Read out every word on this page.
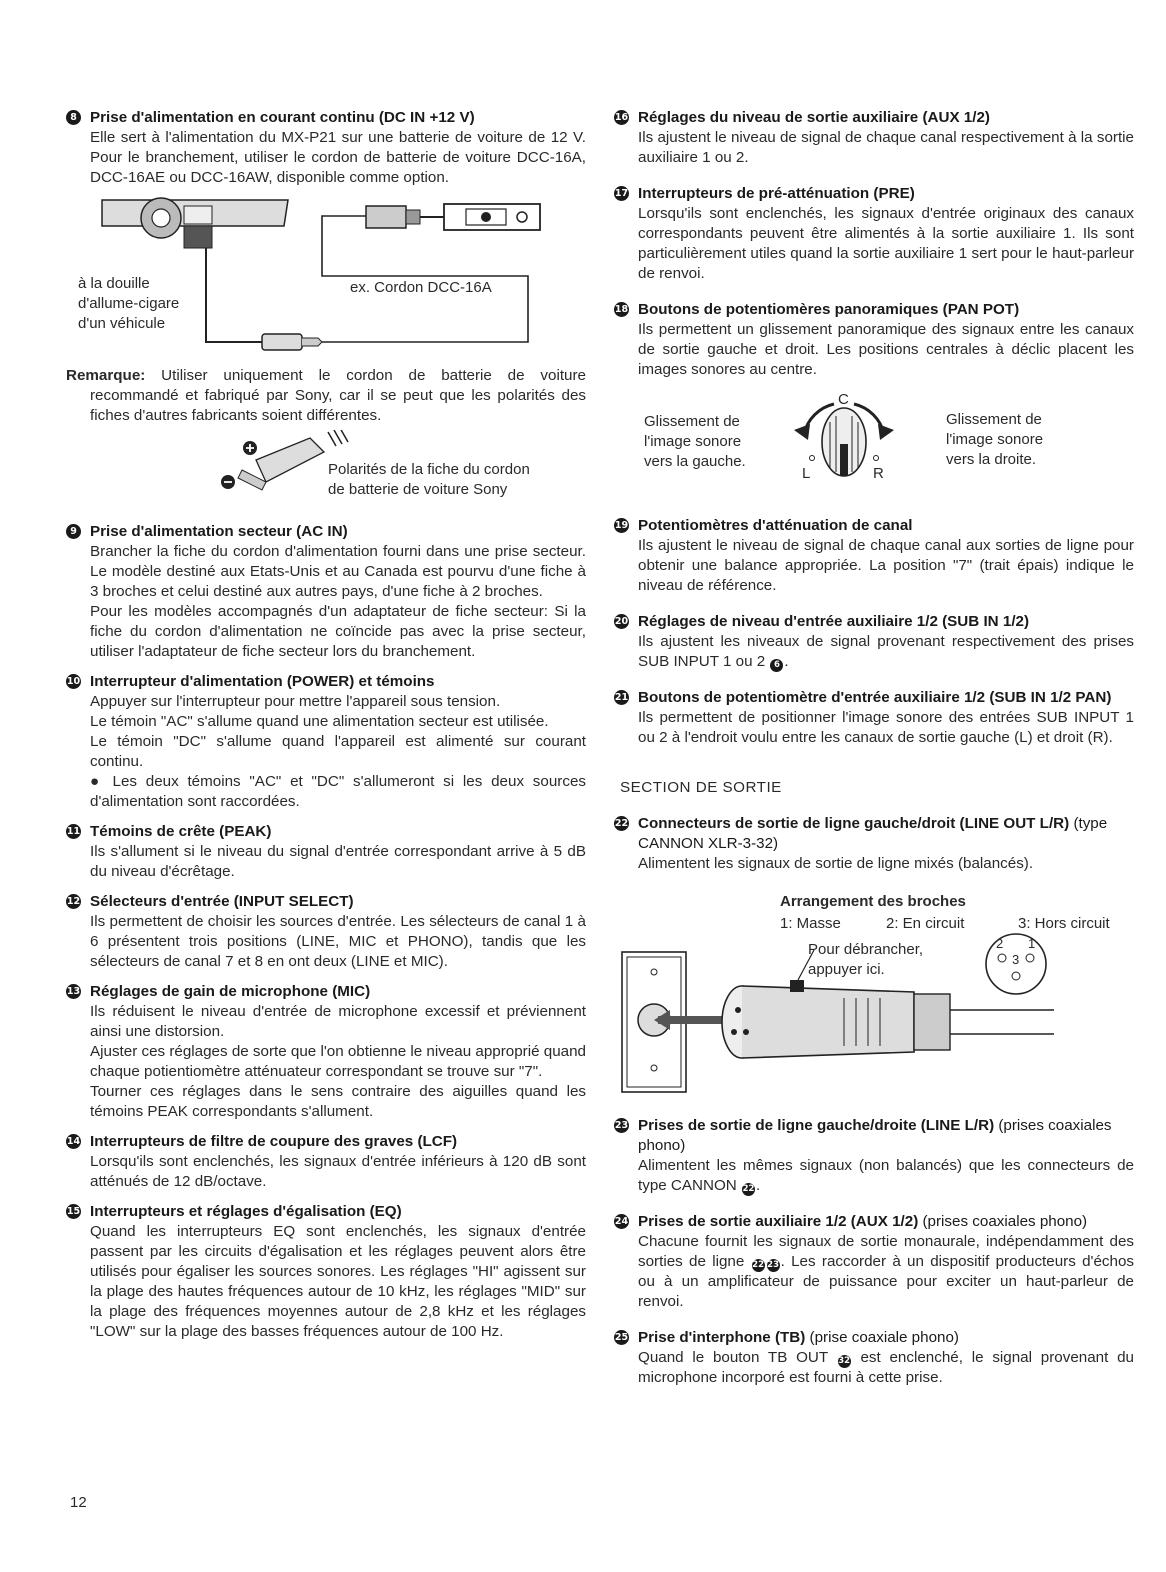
8 Prise d'alimentation en courant continu (DC IN +12 V)

Elle sert à l'alimentation du MX-P21 sur une batterie de voiture de 12 V. Pour le branchement, utiliser le cordon de batterie de voiture DCC-16A, DCC-16AE ou DCC-16AW, disponible comme option.

à la douille
d'allume-cigare
d'un véhicule
ex. Cordon DCC-16A
Remarque: Utiliser uniquement le cordon de batterie de voiture recommandé et fabriqué par Sony, car il se peut que les polarités des fiches d'autres fabricants soient différentes.
Polarités de la fiche du cordon
de batterie de voiture Sony
9 Prise d'alimentation secteur (AC IN)

Brancher la fiche du cordon d'alimentation fourni dans une prise secteur. Le modèle destiné aux Etats-Unis et au Canada est pourvu d'une fiche à 3 broches et celui destiné aux autres pays, d'une fiche à 2 broches.

Pour les modèles accompagnés d'un adaptateur de fiche secteur: Si la fiche du cordon d'alimentation ne coïncide pas avec la prise secteur, utiliser l'adaptateur de fiche secteur lors du branchement.

10 Interrupteur d'alimentation (POWER) et témoins

Appuyer sur l'interrupteur pour mettre l'appareil sous tension.

Le témoin "AC" s'allume quand une alimentation secteur est utilisée.

Le témoin "DC" s'allume quand l'appareil est alimenté sur courant continu.

● Les deux témoins "AC" et "DC" s'allumeront si les deux sources d'alimentation sont raccordées.

11 Témoins de crête (PEAK)

Ils s'allument si le niveau du signal d'entrée correspondant arrive à 5 dB du niveau d'écrêtage.

12 Sélecteurs d'entrée (INPUT SELECT)

Ils permettent de choisir les sources d'entrée. Les sélecteurs de canal 1 à 6 présentent trois positions (LINE, MIC et PHONO), tandis que les sélecteurs de canal 7 et 8 en ont deux (LINE et MIC).

13 Réglages de gain de microphone (MIC)

Ils réduisent le niveau d'entrée de microphone excessif et préviennent ainsi une distorsion.

Ajuster ces réglages de sorte que l'on obtienne le niveau approprié quand chaque potientiomètre atténuateur correspondant se trouve sur "7".

Tourner ces réglages dans le sens contraire des aiguilles quand les témoins PEAK correspondants s'allument.

14 Interrupteurs de filtre de coupure des graves (LCF)

Lorsqu'ils sont enclenchés, les signaux d'entrée inférieurs à 120 dB sont atténués de 12 dB/octave.

15 Interrupteurs et réglages d'égalisation (EQ)

Quand les interrupteurs EQ sont enclenchés, les signaux d'entrée passent par les circuits d'égalisation et les réglages peuvent alors être utilisés pour égaliser les sources sonores. Les réglages "HI" agissent sur la plage des hautes fréquences autour de 10 kHz, les réglages "MID" sur la plage des fréquences moyennes autour de 2,8 kHz et les réglages "LOW" sur la plage des basses fréquences autour de 100 Hz.

16 Réglages du niveau de sortie auxiliaire (AUX 1/2)

Ils ajustent le niveau de signal de chaque canal respectivement à la sortie auxiliaire 1 ou 2.

17 Interrupteurs de pré-atténuation (PRE)

Lorsqu'ils sont enclenchés, les signaux d'entrée originaux des canaux correspondants peuvent être alimentés à la sortie auxiliaire 1. Ils sont particulièrement utiles quand la sortie auxiliaire 1 sert pour le haut-parleur de renvoi.

18 Boutons de potentiomères panoramiques (PAN POT)

Ils permettent un glissement panoramique des signaux entre les canaux de sortie gauche et droit. Les positions centrales à déclic placent les images sonores au centre.

C
L	R
Glissement de
l'image sonore
vers la gauche.
Glissement de
l'image sonore
vers la droite.
19 Potentiomètres d'atténuation de canal

Ils ajustent le niveau de signal de chaque canal aux sorties de ligne pour obtenir une balance appropriée. La position "7" (trait épais) indique le niveau de référence.

20 Réglages de niveau d'entrée auxiliaire 1/2 (SUB IN 1/2)

Ils ajustent les niveaux de signal provenant respectivement des prises SUB INPUT 1 ou 2 6 .

21 Boutons de potentiomètre d'entrée auxiliaire 1/2 (SUB IN 1/2 PAN)

Ils permettent de positionner l'image sonore des entrées SUB INPUT 1 ou 2 à l'endroit voulu entre les canaux de sortie gauche (L) et droit (R).

SECTION DE SORTIE
22 Connecteurs de sortie de ligne gauche/droit (LINE OUT L/R) (type CANNON XLR-3-32)

Alimentent les signaux de sortie de ligne mixés (balancés).

Arrangement des broches
1: Masse	2: En circuit	3: Hors circuit
Pour débrancher,
appuyer ici.
2 1
3
23 Prises de sortie de ligne gauche/droite (LINE L/R) (prises coaxiales phono)

Alimentent les mêmes signaux (non balancés) que les connecteurs de type CANNON 22 .

24 Prises de sortie auxiliaire 1/2 (AUX 1/2) (prises coaxiales phono)

Chacune fournit les signaux de sortie monaurale, indépendamment des sorties de ligne 22 23 . Les raccorder à un dispositif producteurs d'échos ou à un amplificateur de puissance pour exciter un haut-parleur de renvoi.

25 Prise d'interphone (TB) (prise coaxiale phono)

Quand le bouton TB OUT 32 est enclenché, le signal provenant du microphone incorporé est fourni à cette prise.

12
